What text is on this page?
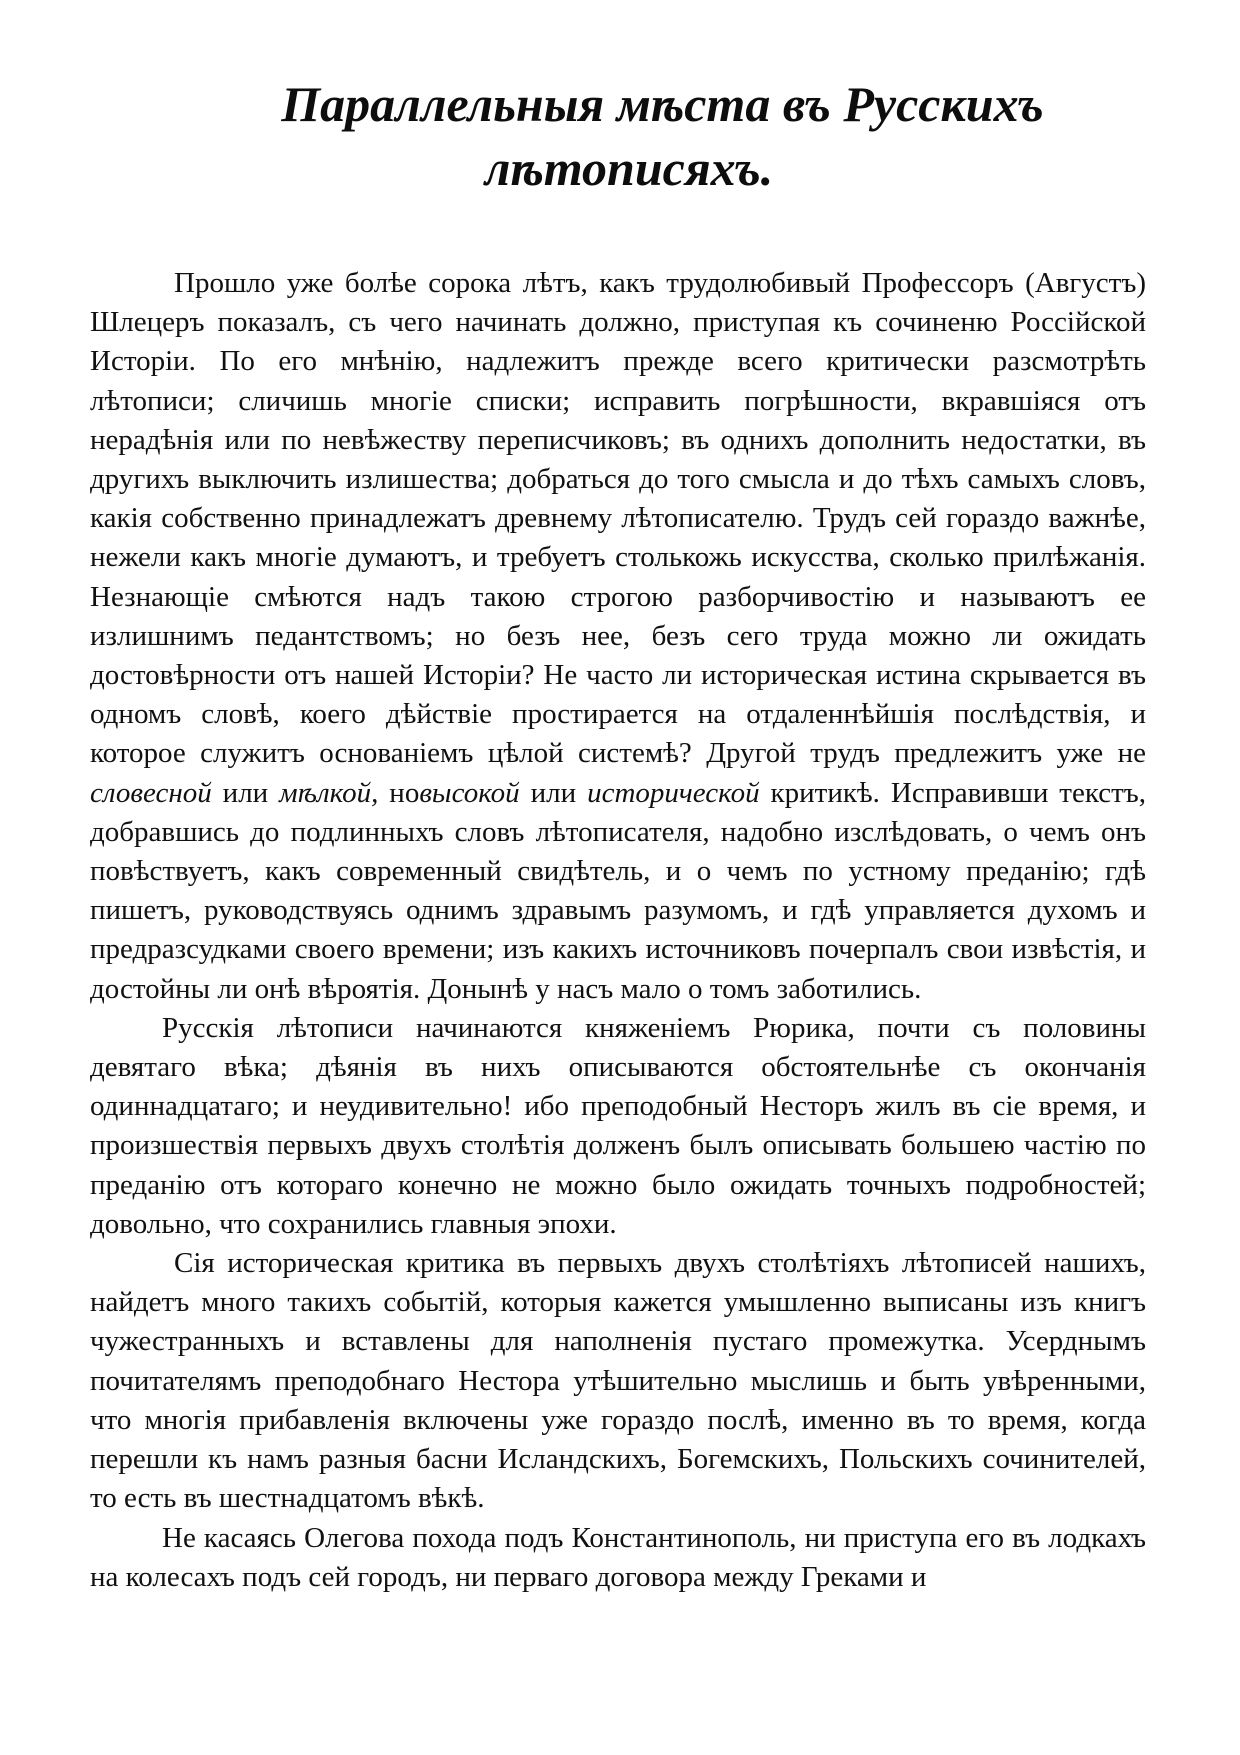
Параллельныя мѣста въ Русскихъ
лѣтописяхъ.

Прошло уже болѣе сорока лѣтъ, какъ трудолюбивый Профессоръ (Августъ) Шлецеръ показалъ, съ чего начинать должно, приступая къ сочиненю Россійской Исторіи. По его мнѣнію, надлежитъ прежде всего критически разсмотрѣть лѣтописи; сличишь многіе списки; исправить погрѣшности, вкравшіяся отъ нерадѣнія или по невѣжеству переписчиковъ; въ однихъ дополнить недостатки, въ другихъ выключить излишества; добраться до того смысла и до тѣхъ самыхъ словъ, какія собственно принадлежатъ древнему лѣтописателю. Трудъ сей гораздо важнѣе, нежели какъ многіе думаютъ, и требуетъ столькожь искусства, сколько прилѣжанія. Незнающіе смѣются надъ такою строгою разборчивостію и называютъ ее излишнимъ педантствомъ; но безъ нее, безъ сего труда можно ли ожидать достовѣрности отъ нашей Исторіи? Не часто ли историческая истина скрывается въ одномъ словѣ, коего дѣйствіе простирается на отдаленнѣйшія послѣдствія, и которое служитъ основаніемъ цѣлой системѣ? Другой трудъ предлежитъ уже не словесной или мѣлкой, новысокой или исторической критикѣ. Исправивши текстъ, добравшись до подлинныхъ словъ лѣтописателя, надобно изслѣдовать, о чемъ онъ повѣствуетъ, какъ современный свидѣтель, и о чемъ по устному преданію; гдѣ пишетъ, руководствуясь однимъ здравымъ разумомъ, и гдѣ управляется духомъ и предразсудками своего времени; изъ какихъ источниковъ почерпалъ свои извѣстія, и достойны ли онѣ вѣроятія. Донынѣ у насъ мало о томъ заботились.

Русскія лѣтописи начинаются княженіемъ Рюрика, почти съ половины девятаго вѣка; дѣянія въ нихъ описываются обстоятельнѣе съ окончанія одиннадцатаго; и неудивительно! ибо преподобный Несторъ жилъ въ сіе время, и произшествія первыхъ двухъ столѣтія долженъ былъ описывать большею частію по преданію отъ котораго конечно не можно было ожидать точныхъ подробностей; довольно, что сохранились главныя эпохи.

Сія историческая критика въ первыхъ двухъ столѣтіяхъ лѣтописей нашихъ, найдетъ много такихъ событій, которыя кажется умышленно выписаны изъ книгъ чужестранныхъ и вставлены для наполненія пустаго промежутка. Усерднымъ почитателямъ преподобнаго Нестора утѣшительно мыслишь и быть увѣренными, что многія прибавленія включены уже гораздо послѣ, именно въ то время, когда перешли къ намъ разныя басни Исландскихъ, Богемскихъ, Польскихъ сочинителей, то есть въ шестнадцатомъ вѣкѣ.

Не касаясь Олегова похода подъ Константинополь, ни приступа его въ лодкахъ на колесахъ подъ сей городъ, ни перваго договора между Греками и
